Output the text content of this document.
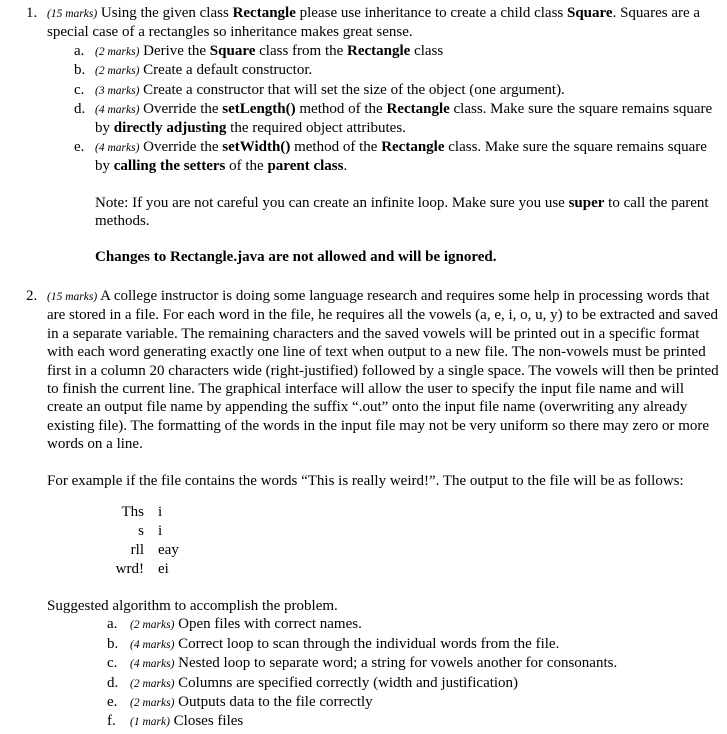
1. (15 marks) Using the given class Rectangle please use inheritance to create a child class Square. Squares are a special case of a rectangles so inheritance makes great sense.
a. (2 marks) Derive the Square class from the Rectangle class
b. (2 marks) Create a default constructor.
c. (3 marks) Create a constructor that will set the size of the object (one argument).
d. (4 marks) Override the setLength() method of the Rectangle class. Make sure the square remains square by directly adjusting the required object attributes.
e. (4 marks) Override the setWidth() method of the Rectangle class. Make sure the square remains square by calling the setters of the parent class.
Note: If you are not careful you can create an infinite loop. Make sure you use super to call the parent methods.
Changes to Rectangle.java are not allowed and will be ignored.
2. (15 marks) A college instructor is doing some language research and requires some help in processing words that are stored in a file. For each word in the file, he requires all the vowels (a, e, i, o, u, y) to be extracted and saved in a separate variable. The remaining characters and the saved vowels will be printed out in a specific format with each word generating exactly one line of text when output to a new file. The non-vowels must be printed first in a column 20 characters wide (right-justified) followed by a single space. The vowels will then be printed to finish the current line. The graphical interface will allow the user to specify the input file name and will create an output file name by appending the suffix “.out” onto the input file name (overwriting any already existing file). The formatting of the words in the input file may not be very uniform so there may zero or more words on a line.
For example if the file contains the words “This is really weird!”. The output to the file will be as follows:
Ths i
s i
rll eay
wrd! ei
Suggested algorithm to accomplish the problem.
a. (2 marks) Open files with correct names.
b. (4 marks) Correct loop to scan through the individual words from the file.
c. (4 marks) Nested loop to separate word; a string for vowels another for consonants.
d. (2 marks) Columns are specified correctly (width and justification)
e. (2 marks) Outputs data to the file correctly
f. (1 mark) Closes files
